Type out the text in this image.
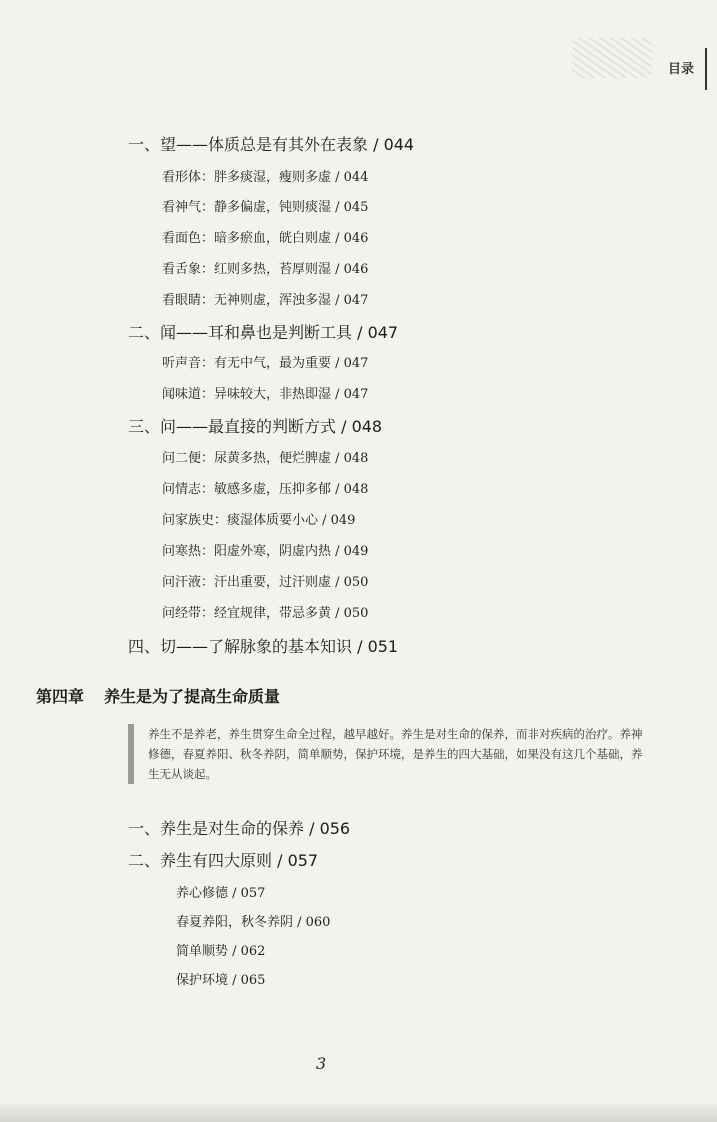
目录
一、望——体质总是有其外在表象 / 044
看形体：胖多痰湿，瘦则多虚 / 044
看神气：静多偏虚，钝则痰湿 / 045
看面色：暗多瘀血，㿠白则虚 / 046
看舌象：红则多热，苔厚则湿 / 046
看眼睛：无神则虚，浑浊多湿 / 047
二、闻——耳和鼻也是判断工具 / 047
听声音：有无中气，最为重要 / 047
闻味道：异味较大，非热即湿 / 047
三、问——最直接的判断方式 / 048
问二便：尿黄多热，便烂脾虚 / 048
问情志：敏感多虚，压抑多郁 / 048
问家族史：痰湿体质要小心 / 049
问寒热：阳虚外寒，阴虚内热 / 049
问汗液：汗出重要，过汗则虚 / 050
问经带：经宜规律，带忌多黄 / 050
四、切——了解脉象的基本知识 / 051
第四章 养生是为了提高生命质量
养生不是养老，养生贯穿生命全过程，越早越好。养生是对生命的保养，而非对疾病的治疗。养神修德，春夏养阳、秋冬养阴，简单顺势，保护环境，是养生的四大基础，如果没有这几个基础，养生无从谈起。
一、养生是对生命的保养 / 056
二、养生有四大原则 / 057
养心修德 / 057
春夏养阳，秋冬养阴 / 060
简单顺势 / 062
保护环境 / 065
3
